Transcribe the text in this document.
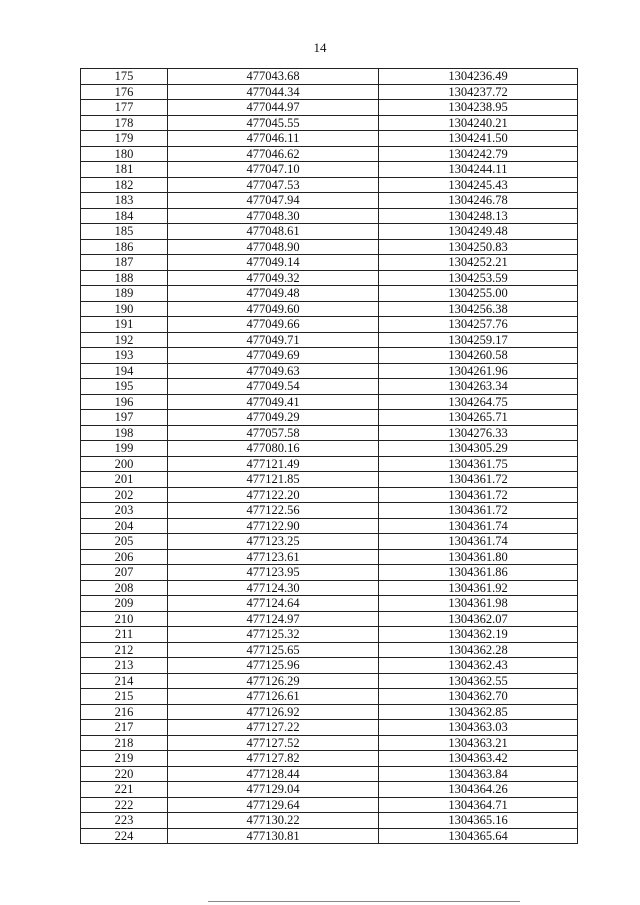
14
175	477043.68	1304236.49
176	477044.34	1304237.72
177	477044.97	1304238.95
178	477045.55	1304240.21
179	477046.11	1304241.50
180	477046.62	1304242.79
181	477047.10	1304244.11
182	477047.53	1304245.43
183	477047.94	1304246.78
184	477048.30	1304248.13
185	477048.61	1304249.48
186	477048.90	1304250.83
187	477049.14	1304252.21
188	477049.32	1304253.59
189	477049.48	1304255.00
190	477049.60	1304256.38
191	477049.66	1304257.76
192	477049.71	1304259.17
193	477049.69	1304260.58
194	477049.63	1304261.96
195	477049.54	1304263.34
196	477049.41	1304264.75
197	477049.29	1304265.71
198	477057.58	1304276.33
199	477080.16	1304305.29
200	477121.49	1304361.75
201	477121.85	1304361.72
202	477122.20	1304361.72
203	477122.56	1304361.72
204	477122.90	1304361.74
205	477123.25	1304361.74
206	477123.61	1304361.80
207	477123.95	1304361.86
208	477124.30	1304361.92
209	477124.64	1304361.98
210	477124.97	1304362.07
211	477125.32	1304362.19
212	477125.65	1304362.28
213	477125.96	1304362.43
214	477126.29	1304362.55
215	477126.61	1304362.70
216	477126.92	1304362.85
217	477127.22	1304363.03
218	477127.52	1304363.21
219	477127.82	1304363.42
220	477128.44	1304363.84
221	477129.04	1304364.26
222	477129.64	1304364.71
223	477130.22	1304365.16
224	477130.81	1304365.64
